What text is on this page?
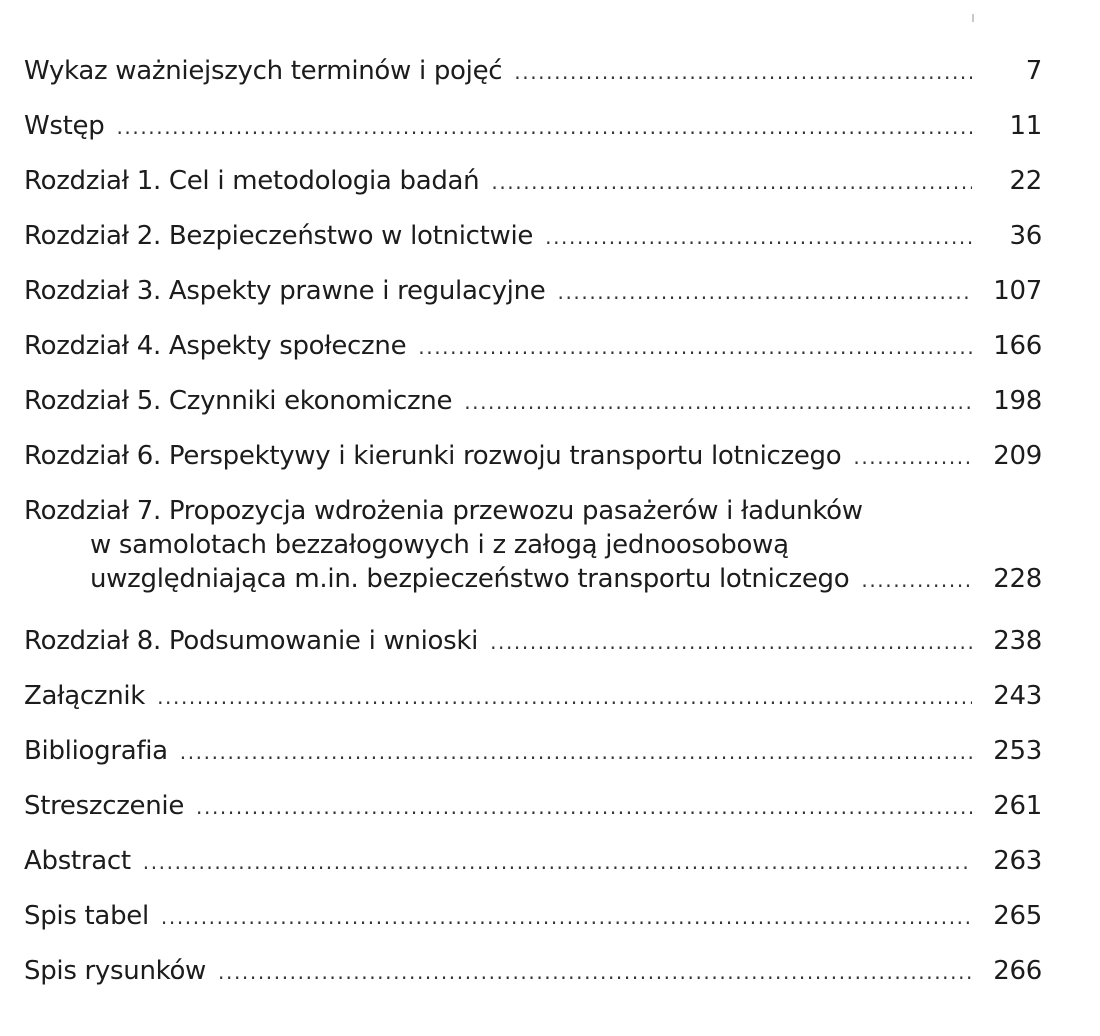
Wykaz ważniejszych terminów i pojęć .....	7
Wstęp .....	11
Rozdział 1. Cel i metodologia badań .....	22
Rozdział 2. Bezpieczeństwo w lotnictwie .....	36
Rozdział 3. Aspekty prawne i regulacyjne .....	107
Rozdział 4. Aspekty społeczne .....	166
Rozdział 5. Czynniki ekonomiczne .....	198
Rozdział 6. Perspektywy i kierunki rozwoju transportu lotniczego .....	209
Rozdział 7. Propozycja wdrożenia przewozu pasażerów i ładunków
w samolotach bezzałogowych i z załogą jednoosobową
uwzględniająca m.in. bezpieczeństwo transportu lotniczego .....	228
Rozdział 8. Podsumowanie i wnioski .....	238
Załącznik .....	243
Bibliografia .....	253
Streszczenie .....	261
Abstract .....	263
Spis tabel .....	265
Spis rysunków .....	266
